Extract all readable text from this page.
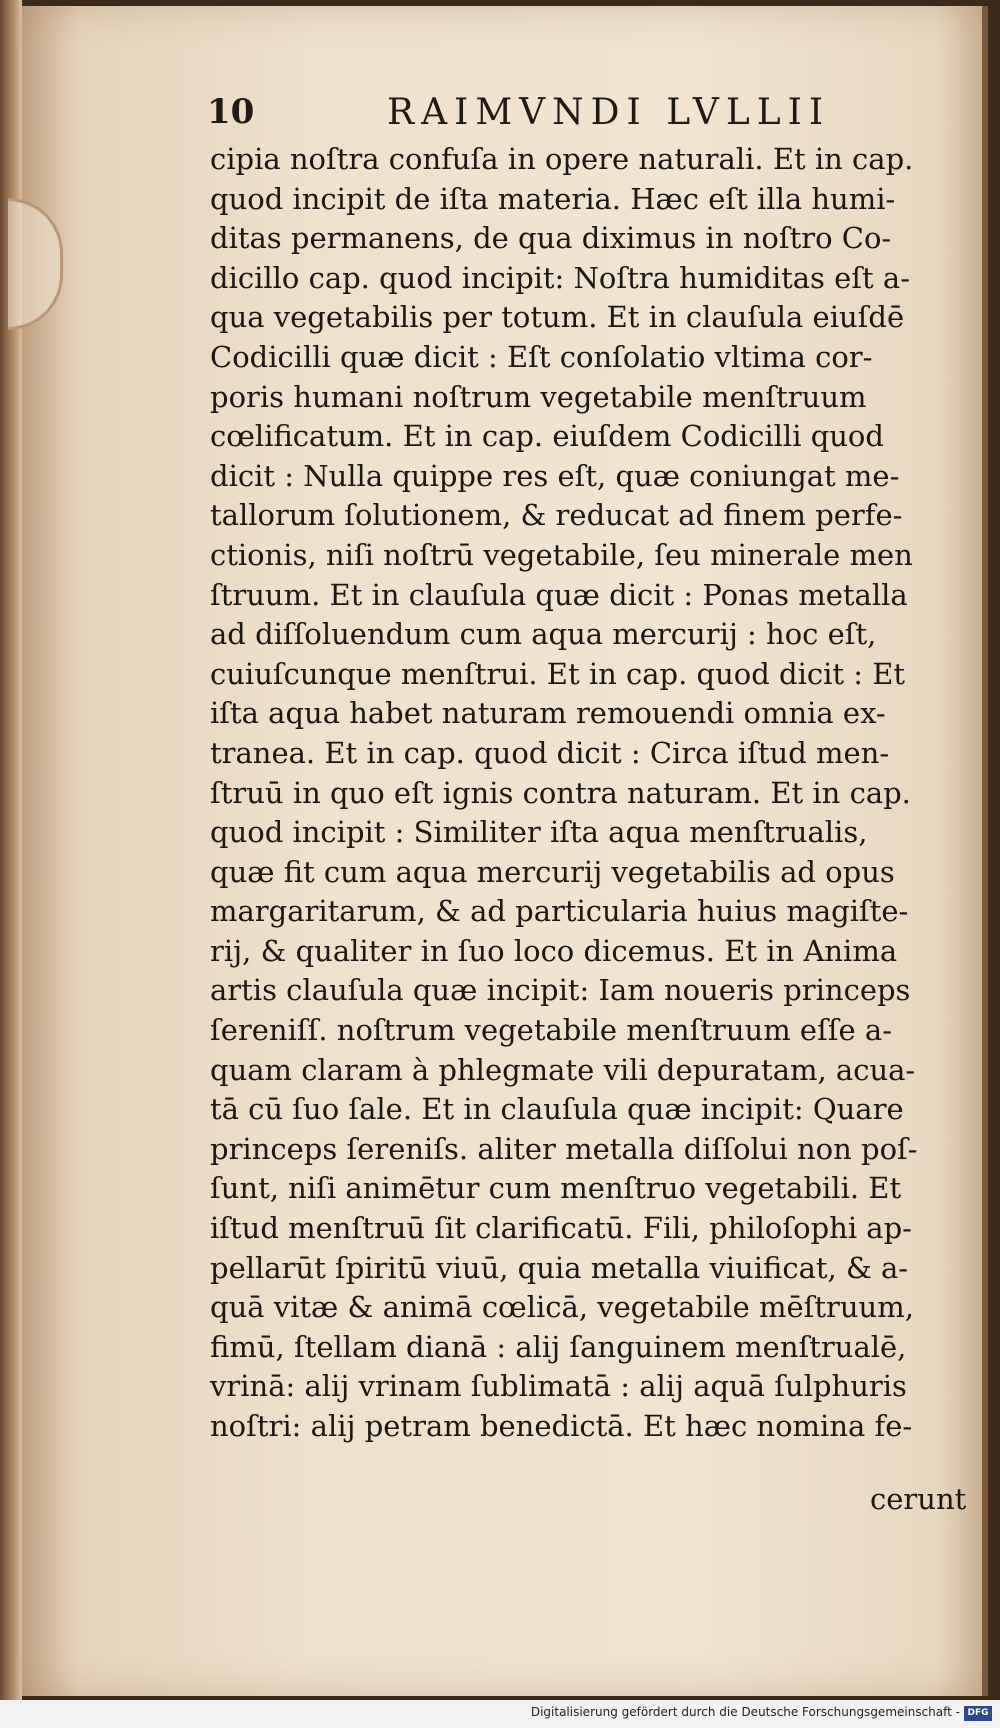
10	RAIMVNDI LVLLII
cipia noſtra confuſa in opere naturali. Et in cap.
quod incipit de iſta materia. Hæc eſt illa humi-
ditas permanens, de qua diximus in noſtro Co-
dicillo cap. quod incipit: Noſtra humiditas eſt a-
qua vegetabilis per totum. Et in clauſula eiuſdē
Codicilli quæ dicit : Eſt conſolatio vltima cor-
poris humani noſtrum vegetabile menſtruum
cœlificatum. Et in cap. eiuſdem Codicilli quod
dicit : Nulla quippe res eſt, quæ coniungat me-
tallorum ſolutionem, & reducat ad finem perfe-
ctionis, niſi noſtrū vegetabile, ſeu minerale men
ſtruum. Et in clauſula quæ dicit : Ponas metalla
ad diſſoluendum cum aqua mercurij : hoc eſt,
cuiuſcunque menſtrui. Et in cap. quod dicit : Et
iſta aqua habet naturam remouendi omnia ex-
tranea. Et in cap. quod dicit : Circa iſtud men-
ſtruū in quo eſt ignis contra naturam. Et in cap.
quod incipit : Similiter iſta aqua menſtrualis,
quæ fit cum aqua mercurij vegetabilis ad opus
margaritarum, & ad particularia huius magiſte-
rij, & qualiter in ſuo loco dicemus. Et in Anima
artis clauſula quæ incipit: Iam noueris princeps
ſereniſſ. noſtrum vegetabile menſtruum eſſe a-
quam claram à phlegmate vili depuratam, acua-
tā cū ſuo ſale. Et in clauſula quæ incipit: Quare
princeps ſereniſs. aliter metalla diſſolui non poſ-
ſunt, niſi animētur cum menſtruo vegetabili. Et
iſtud menſtruū ſit clarificatū. Fili, philoſophi ap-
pellarūt ſpiritū viuū, quia metalla viuificat, & a-
quā vitæ & animā cœlicā, vegetabile mēſtruum,
fimū, ſtellam dianā : alij ſanguinem menſtrualē,
vrinā: alij vrinam ſublimatā : alij aquā ſulphuris
noſtri: alij petram benedictā. Et hæc nomina fe-
cerunt
Digitalisierung gefördert durch die Deutsche Forschungsgemeinschaft - DFG
